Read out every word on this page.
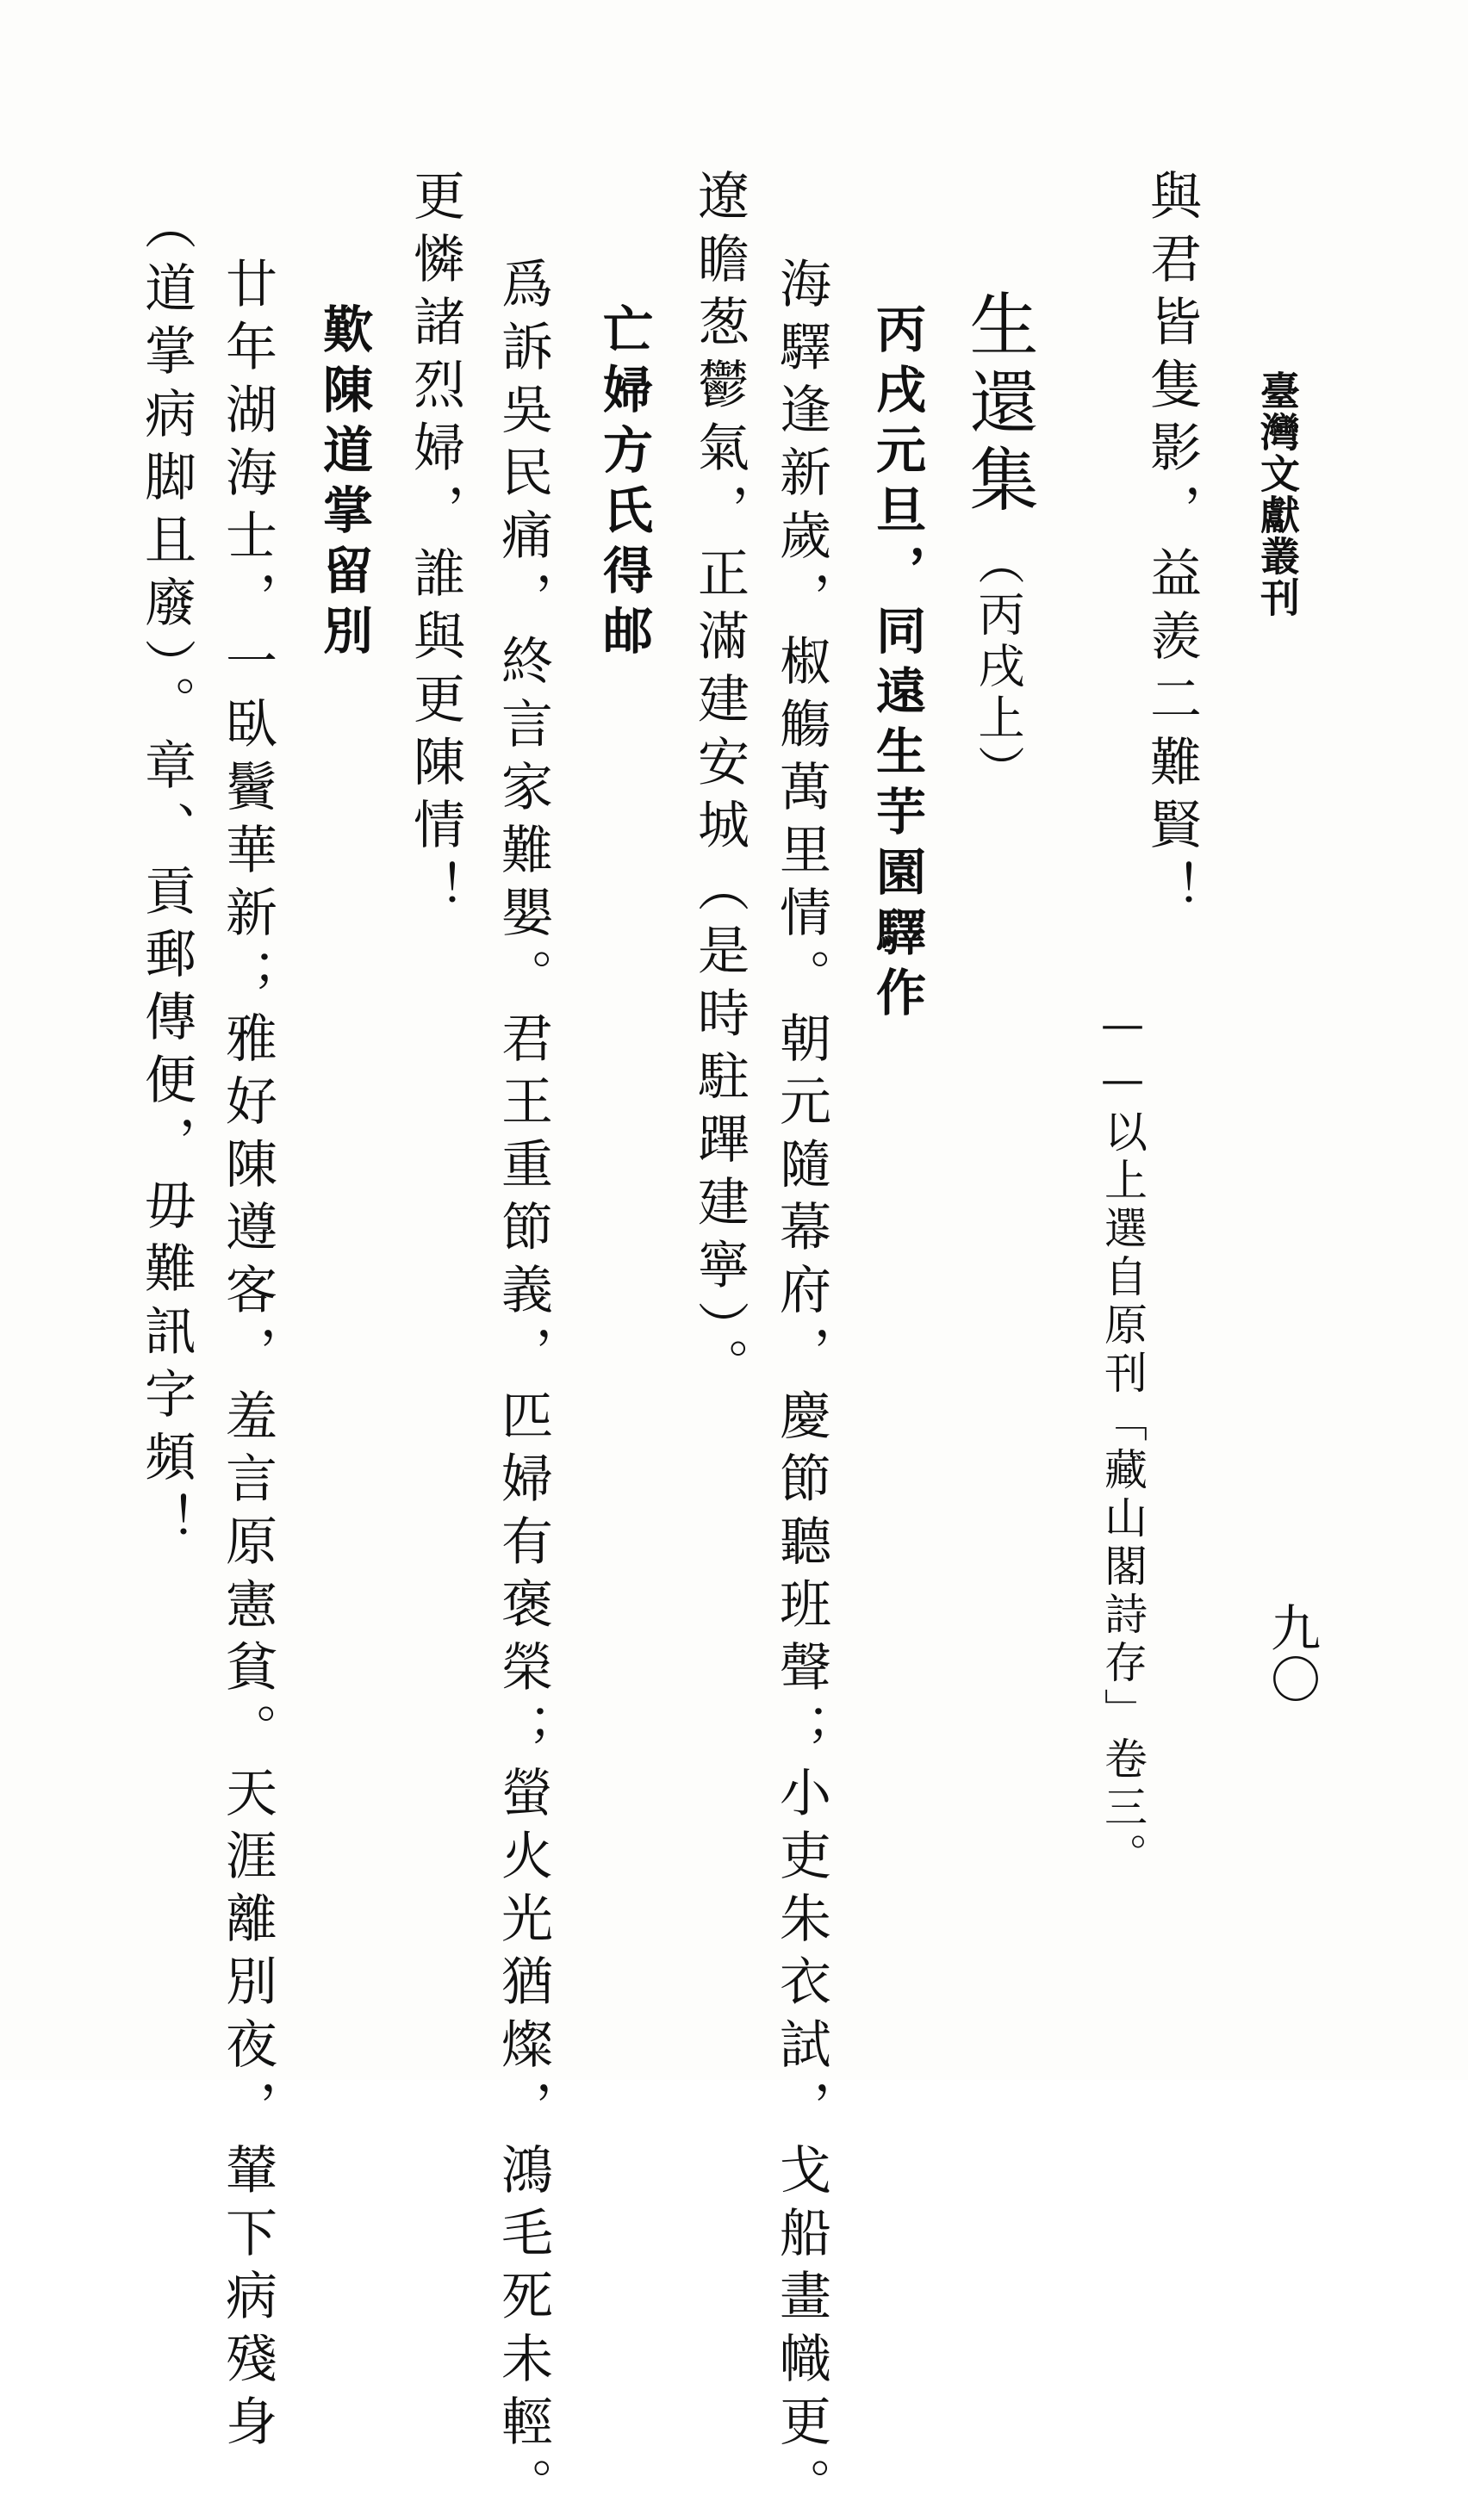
臺灣文獻叢刊
九〇
與君皆隻影，益羨二難賢！
——以上選自原刊「藏山閣詩存」卷三。
生還集（丙戌上）
丙戌元旦，同遠生芋園驛作
海驛逢新歲，椒觴萬里情。朝元隨幕府，慶節聽班聲；小吏朱衣試，戈船畫幟更。
遼瞻葱鬱氣，正滿建安城（是時駐蹕建寧）。
亡婦方氏得邮
爲訴吳民痛，終言家難嬰。君王重節義，匹婦有褒榮；螢火光猶燦，鴻毛死未輕。
更憐諸烈婦，誰與更陳情！
歎陳道掌留別
廿年湖海士，一臥鬢華新；雅好陳遵客，羞言原憲貧。天涯離別夜，輦下病殘身
（道掌病脚且廢）。章、貢郵傳便，毋難訊字頻！
